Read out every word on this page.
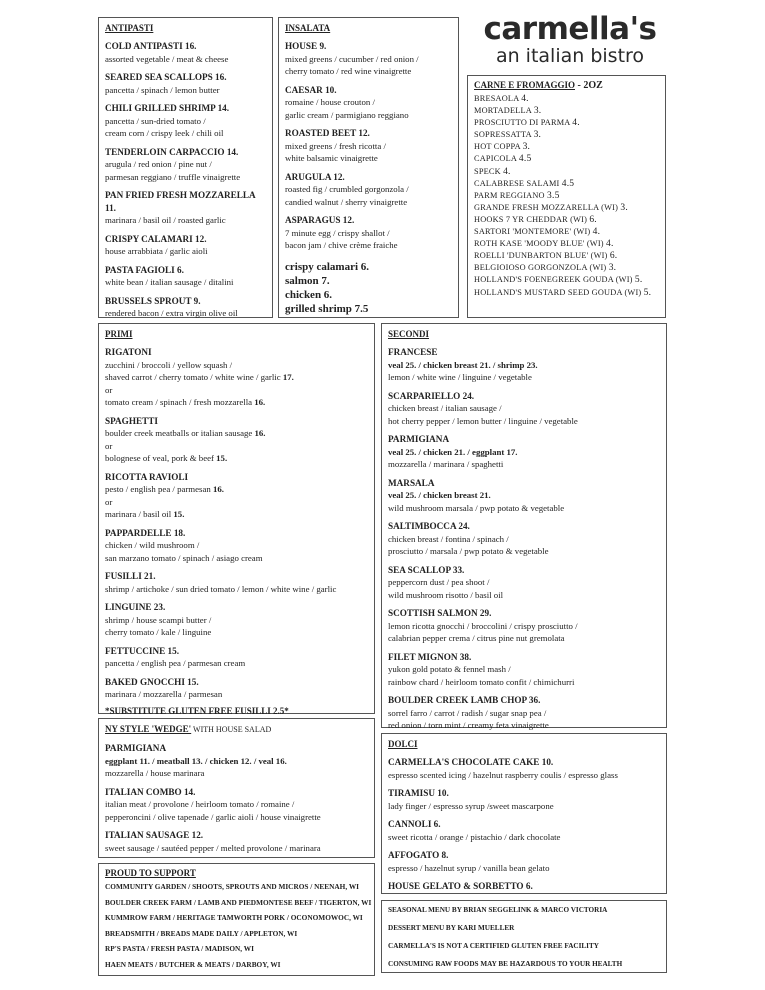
carmella's
an italian bistro
ANTIPASTI
COLD ANTIPASTI 16.
assorted vegetable / meat & cheese
SEARED SEA SCALLOPS 16.
pancetta / spinach / lemon butter
CHILI GRILLED SHRIMP 14.
pancetta / sun-dried tomato /
cream corn / crispy leek / chili oil
TENDERLOIN CARPACCIO 14.
arugula / red onion / pine nut /
parmesan reggiano / truffle vinaigrette
PAN FRIED FRESH MOZZARELLA 11.
marinara / basil oil / roasted garlic
CRISPY CALAMARI 12.
house arrabbiata / garlic aioli
PASTA FAGIOLI 6.
white bean / italian sausage / ditalini
BRUSSELS SPROUT 9.
rendered bacon / extra virgin olive oil
INSALATA
HOUSE 9.
mixed greens / cucumber / red onion /
cherry tomato / red wine vinaigrette
CAESAR 10.
romaine / house crouton /
garlic cream / parmigiano reggiano
ROASTED BEET 12.
mixed greens / fresh ricotta /
white balsamic vinaigrette
ARUGULA 12.
roasted fig / crumbled gorgonzola /
candied walnut / sherry vinaigrette
ASPARAGUS 12.
7 minute egg / crispy shallot /
bacon jam / chive crème fraiche
crispy calamari 6.
salmon 7.
chicken 6.
grilled shrimp 7.5
CARNE E FROMAGGIO - 2OZ
BRESAOLA 4.
MORTADELLA 3.
PROSCIUTTO DI PARMA 4.
SOPRESSATTA 3.
HOT COPPA 3.
CAPICOLA 4.5
SPECK 4.
CALABRESE SALAMI 4.5
PARM REGGIANO 3.5
GRANDE FRESH MOZZARELLA (WI) 3.
HOOKS 7 YR CHEDDAR (WI) 6.
SARTORI 'MONTEMORE' (WI) 4.
ROTH KASE 'MOODY BLUE' (WI) 4.
ROELLI 'DUNBARTON BLUE' (WI) 6.
BELGIOIOSO GORGONZOLA (WI) 3.
HOLLAND'S FOENEGREEK GOUDA (WI) 5.
HOLLAND'S MUSTARD SEED GOUDA (WI) 5.
PRIMI
RIGATONI
zucchini / broccoli / yellow squash /
shaved carrot / cherry tomato / white wine / garlic 17.
or
tomato cream / spinach / fresh mozzarella 16.
SPAGHETTI
boulder creek meatballs or italian sausage 16.
or
bolognese of veal, pork & beef 15.
RICOTTA RAVIOLI
pesto / english pea / parmesan 16.
or
marinara / basil oil 15.
PAPPARDELLE 18.
chicken / wild mushroom /
san marzano tomato / spinach / asiago cream
FUSILLI 21.
shrimp / artichoke / sun dried tomato / lemon / white wine / garlic
LINGUINE 23.
shrimp / house scampi butter /
cherry tomato / kale / linguine
FETTUCCINE 15.
pancetta / english pea / parmesan cream
BAKED GNOCCHI 15.
marinara / mozzarella / parmesan
*SUBSTITUTE GLUTEN FREE FUSILLI 2.5*
NY STYLE 'WEDGE' WITH HOUSE SALAD
PARMIGIANA
eggplant 11. / meatball 13. / chicken 12. / veal 16.
mozzarella / house marinara
ITALIAN COMBO 14.
italian meat / provolone / heirloom tomato / romaine /
pepperoncini / olive tapenade / garlic aioli / house vinaigrette
ITALIAN SAUSAGE 12.
sweet sausage / sautéed pepper / melted provolone / marinara
PROUD TO SUPPORT
COMMUNITY GARDEN / SHOOTS, SPROUTS AND MICROS / NEENAH, WI
BOULDER CREEK FARM / LAMB AND PIEDMONTESE BEEF / TIGERTON, WI
KUMMROW FARM / HERITAGE TAMWORTH PORK / OCONOMOWOC, WI
BREADSMITH / BREADS MADE DAILY / APPLETON, WI
RP'S PASTA / FRESH PASTA / MADISON, WI
HAEN MEATS / BUTCHER & MEATS / DARBOY, WI
SECONDI
FRANCESE
veal 25. / chicken breast 21. / shrimp 23.
lemon / white wine / linguine / vegetable
SCARPARIELLO 24.
chicken breast / italian sausage /
hot cherry pepper / lemon butter / linguine / vegetable
PARMIGIANA
veal 25. / chicken 21. / eggplant 17.
mozzarella / marinara / spaghetti
MARSALA
veal 25. / chicken breast 21.
wild mushroom marsala / pwp potato & vegetable
SALTIMBOCCA 24.
chicken breast / fontina / spinach /
prosciutto / marsala / pwp potato & vegetable
SEA SCALLOP 33.
peppercorn dust / pea shoot /
wild mushroom risotto / basil oil
SCOTTISH SALMON 29.
lemon ricotta gnocchi / broccolini / crispy prosciutto /
calabrian pepper crema / citrus pine nut gremolata
FILET MIGNON 38.
yukon gold potato & fennel mash /
rainbow chard / heirloom tomato confit / chimichurri
BOULDER CREEK LAMB CHOP 36.
sorrel farro / carrot / radish / sugar snap pea /
red onion / torn mint / creamy feta vinaigrette
DOLCI
CARMELLA'S CHOCOLATE CAKE 10.
espresso scented icing / hazelnut raspberry coulis / espresso glass
TIRAMISU 10.
lady finger / espresso syrup /sweet mascarpone
CANNOLI 6.
sweet ricotta / orange / pistachio / dark chocolate
AFFOGATO 8.
espresso / hazelnut syrup / vanilla bean gelato
HOUSE GELATO & SORBETTO 6.
SEASONAL MENU BY BRIAN SEGGELINK & MARCO VICTORIA
DESSERT MENU BY KARI MUELLER
CARMELLA'S IS NOT A CERTIFIED GLUTEN FREE FACILITY
CONSUMING RAW FOODS MAY BE HAZARDOUS TO YOUR HEALTH
